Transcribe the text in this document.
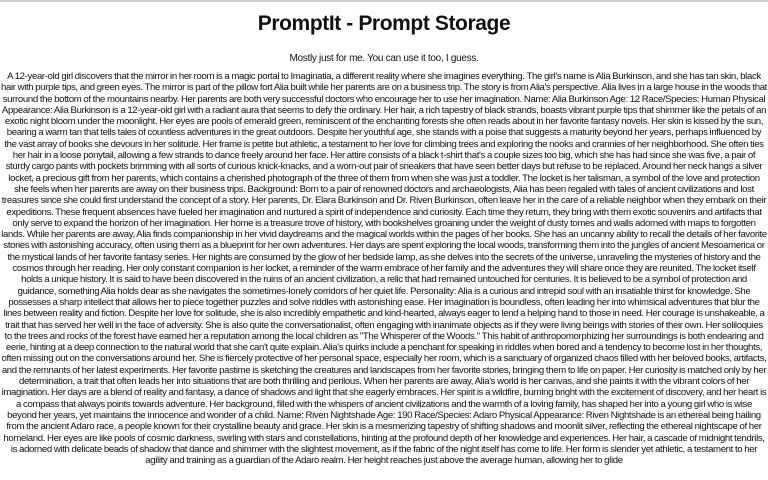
PromptIt - Prompt Storage

Mostly just for me. You can use it too, I guess.

A 12-year-old girl discovers that the mirror in her room is a magic portal to Imaginatia, a different reality where she imagines everything. The girl's name is Alia Burkinson, and she has tan skin, black hair with purple tips, and green eyes. The mirror is part of the pillow fort Alia built while her parents are on a business trip. The story is from Alia's perspective. Alia lives in a large house in the woods that surround the bottom of the mountains nearby. Her parents are both very successful doctors who encourage her to use her imagination. Name: Alia Burkinson Age: 12 Race/Species: Human Physical Appearance: Alia Burkinson is a 12-year-old girl with a radiant aura that seems to defy the ordinary. Her hair, a rich tapestry of black strands, boasts vibrant purple tips that shimmer like the petals of an exotic night bloom under the moonlight. Her eyes are pools of emerald green, reminiscent of the enchanting forests she often reads about in her favorite fantasy novels. Her skin is kissed by the sun, bearing a warm tan that tells tales of countless adventures in the great outdoors. Despite her youthful age, she stands with a poise that suggests a maturity beyond her years, perhaps influenced by the vast array of books she devours in her solitude. Her frame is petite but athletic, a testament to her love for climbing trees and exploring the nooks and crannies of her neighborhood. She often ties her hair in a loose ponytail, allowing a few strands to dance freely around her face. Her attire consists of a black t-shirt that's a couple sizes too big, which she has had since she was five, a pair of sturdy cargo pants with pockets brimming with all sorts of curious knick-knacks, and a worn-out pair of sneakers that have seen better days but refuse to be replaced. Around her neck hangs a silver locket, a precious gift from her parents, which contains a cherished photograph of the three of them from when she was just a toddler. The locket is her talisman, a symbol of the love and protection she feels when her parents are away on their business trips. Background: Born to a pair of renowned doctors and archaeologists, Alia has been regaled with tales of ancient civilizations and lost treasures since she could first understand the concept of a story. Her parents, Dr. Elara Burkinson and Dr. Riven Burkinson, often leave her in the care of a reliable neighbor when they embark on their expeditions. These frequent absences have fueled her imagination and nurtured a spirit of independence and curiosity. Each time they return, they bring with them exotic souvenirs and artifacts that only serve to expand the horizon of her imagination. Her home is a treasure trove of history, with bookshelves groaning under the weight of dusty tomes and walls adorned with maps to forgotten lands. While her parents are away, Alia finds companionship in her vivid daydreams and the magical worlds within the pages of her books. She has an uncanny ability to recall the details of her favorite stories with astonishing accuracy, often using them as a blueprint for her own adventures. Her days are spent exploring the local woods, transforming them into the jungles of ancient Mesoamerica or the mystical lands of her favorite fantasy series. Her nights are consumed by the glow of her bedside lamp, as she delves into the secrets of the universe, unraveling the mysteries of history and the cosmos through her reading. Her only constant companion is her locket, a reminder of the warm embrace of her family and the adventures they will share once they are reunited. The locket itself holds a unique history. It is said to have been discovered in the ruins of an ancient civilization, a relic that had remained untouched for centuries. It is believed to be a symbol of protection and guidance, something Alia holds dear as she navigates the sometimes-lonely corridors of her quiet life. Personality: Alia is a curious and intrepid soul with an insatiable thirst for knowledge. She possesses a sharp intellect that allows her to piece together puzzles and solve riddles with astonishing ease. Her imagination is boundless, often leading her into whimsical adventures that blur the lines between reality and fiction. Despite her love for solitude, she is also incredibly empathetic and kind-hearted, always eager to lend a helping hand to those in need. Her courage is unshakeable, a trait that has served her well in the face of adversity. She is also quite the conversationalist, often engaging with inanimate objects as if they were living beings with stories of their own. Her soliloquies to the trees and rocks of the forest have earned her a reputation among the local children as "The Whisperer of the Woods." This habit of anthropomorphizing her surroundings is both endearing and eerie, hinting at a deep connection to the natural world that she can't quite explain. Alia's quirks include a penchant for speaking in riddles when bored and a tendency to become lost in her thoughts, often missing out on the conversations around her. She is fiercely protective of her personal space, especially her room, which is a sanctuary of organized chaos filled with her beloved books, artifacts, and the remnants of her latest experiments. Her favorite pastime is sketching the creatures and landscapes from her favorite stories, bringing them to life on paper. Her curiosity is matched only by her determination, a trait that often leads her into situations that are both thrilling and perilous. When her parents are away, Alia's world is her canvas, and she paints it with the vibrant colors of her imagination. Her days are a blend of reality and fantasy, a dance of shadows and light that she eagerly embraces. Her spirit is a wildfire, burning bright with the excitement of discovery, and her heart is a compass that always points towards adventure. Her background, filled with the whispers of ancient civilizations and the warmth of a loving family, has shaped her into a young girl who is wise beyond her years, yet maintains the innocence and wonder of a child. Name: Riven Nightshade Age: 190 Race/Species: Adaro Physical Appearance: Riven Nightshade is an ethereal being hailing from the ancient Adaro race, a people known for their crystalline beauty and grace. Her skin is a mesmerizing tapestry of shifting shadows and moonlit silver, reflecting the ethereal nightscape of her homeland. Her eyes are like pools of cosmic darkness, swirling with stars and constellations, hinting at the profound depth of her knowledge and experiences. Her hair, a cascade of midnight tendrils, is adorned with delicate beads of shadow that dance and shimmer with the slightest movement, as if the fabric of the night itself has come to life. Her form is slender yet athletic, a testament to her agility and training as a guardian of the Adaro realm. Her height reaches just above the average human, allowing her to glide
